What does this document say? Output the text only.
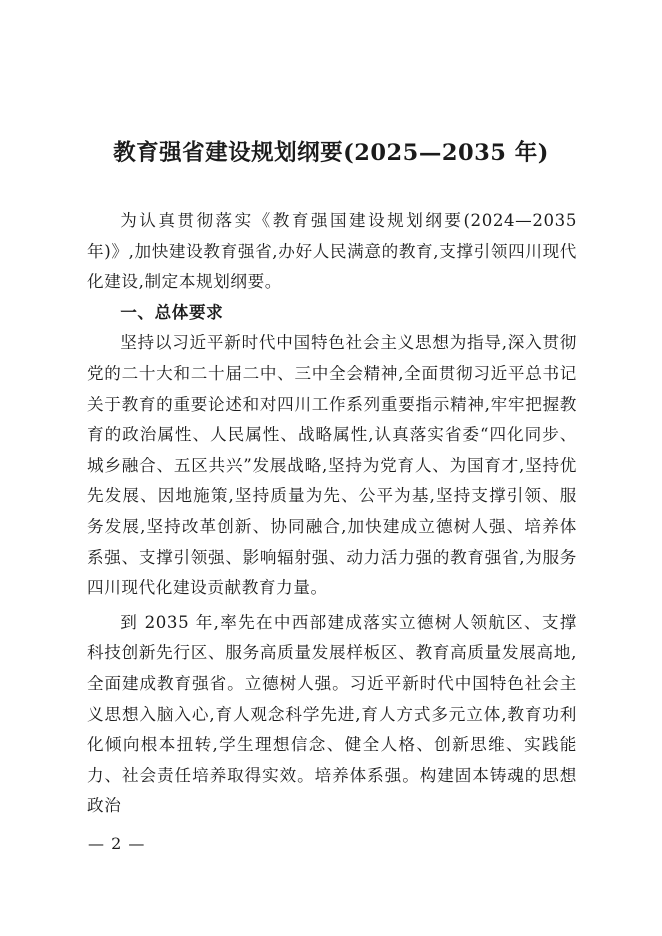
教育强省建设规划纲要(2025—2035 年)

为认真贯彻落实《教育强国建设规划纲要(2024—2035 年)》,加快建设教育强省,办好人民满意的教育,支撑引领四川现代化建设,制定本规划纲要。

一、总体要求

坚持以习近平新时代中国特色社会主义思想为指导,深入贯彻党的二十大和二十届二中、三中全会精神,全面贯彻习近平总书记关于教育的重要论述和对四川工作系列重要指示精神,牢牢把握教育的政治属性、人民属性、战略属性,认真落实省委“四化同步、城乡融合、五区共兴”发展战略,坚持为党育人、为国育才,坚持优先发展、因地施策,坚持质量为先、公平为基,坚持支撑引领、服务发展,坚持改革创新、协同融合,加快建成立德树人强、培养体系强、支撑引领强、影响辐射强、动力活力强的教育强省,为服务四川现代化建设贡献教育力量。

到 2035 年,率先在中西部建成落实立德树人领航区、支撑科技创新先行区、服务高质量发展样板区、教育高质量发展高地,全面建成教育强省。立德树人强。习近平新时代中国特色社会主义思想入脑入心,育人观念科学先进,育人方式多元立体,教育功利化倾向根本扭转,学生理想信念、健全人格、创新思维、实践能力、社会责任培养取得实效。培养体系强。构建固本铸魂的思想政治

— 2 —
